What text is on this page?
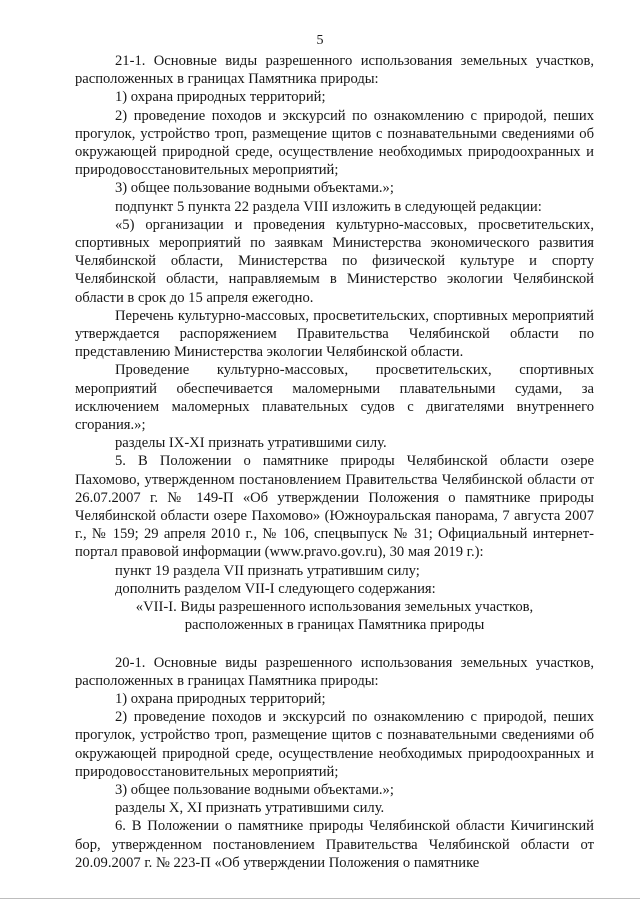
5

21-1. Основные виды разрешенного использования земельных участков, расположенных в границах Памятника природы:

1) охрана природных территорий;

2) проведение походов и экскурсий по ознакомлению с природой, пеших прогулок, устройство троп, размещение щитов с познавательными сведениями об окружающей природной среде, осуществление необходимых природоохранных и природовосстановительных мероприятий;

3) общее пользование водными объектами.»;

подпункт 5 пункта 22 раздела VIII изложить в следующей редакции:

«5) организации и проведения культурно-массовых, просветительских, спортивных мероприятий по заявкам Министерства экономического развития Челябинской области, Министерства по физической культуре и спорту Челябинской области, направляемым в Министерство экологии Челябинской области в срок до 15 апреля ежегодно.

Перечень культурно-массовых, просветительских, спортивных мероприятий утверждается распоряжением Правительства Челябинской области по представлению Министерства экологии Челябинской области.

Проведение культурно-массовых, просветительских, спортивных мероприятий обеспечивается маломерными плавательными судами, за исключением маломерных плавательных судов с двигателями внутреннего сгорания.»;

разделы IX-XI признать утратившими силу.

5. В Положении о памятнике природы Челябинской области озере Пахомово, утвержденном постановлением Правительства Челябинской области от 26.07.2007 г. № 149-П «Об утверждении Положения о памятнике природы Челябинской области озере Пахомово» (Южноуральская панорама, 7 августа 2007 г., № 159; 29 апреля 2010 г., № 106, спецвыпуск № 31; Официальный интернет-портал правовой информации (www.pravo.gov.ru), 30 мая 2019 г.):

пункт 19 раздела VII признать утратившим силу;

дополнить разделом VII-I следующего содержания:

«VII-I. Виды разрешенного использования земельных участков,

расположенных в границах Памятника природы

20-1. Основные виды разрешенного использования земельных участков, расположенных в границах Памятника природы:

1) охрана природных территорий;

2) проведение походов и экскурсий по ознакомлению с природой, пеших прогулок, устройство троп, размещение щитов с познавательными сведениями об окружающей природной среде, осуществление необходимых природоохранных и природовосстановительных мероприятий;

3) общее пользование водными объектами.»;

разделы X, XI признать утратившими силу.

6. В Положении о памятнике природы Челябинской области Кичигинский бор, утвержденном постановлением Правительства Челябинской области от 20.09.2007 г. № 223-П «Об утверждении Положения о памятнике
